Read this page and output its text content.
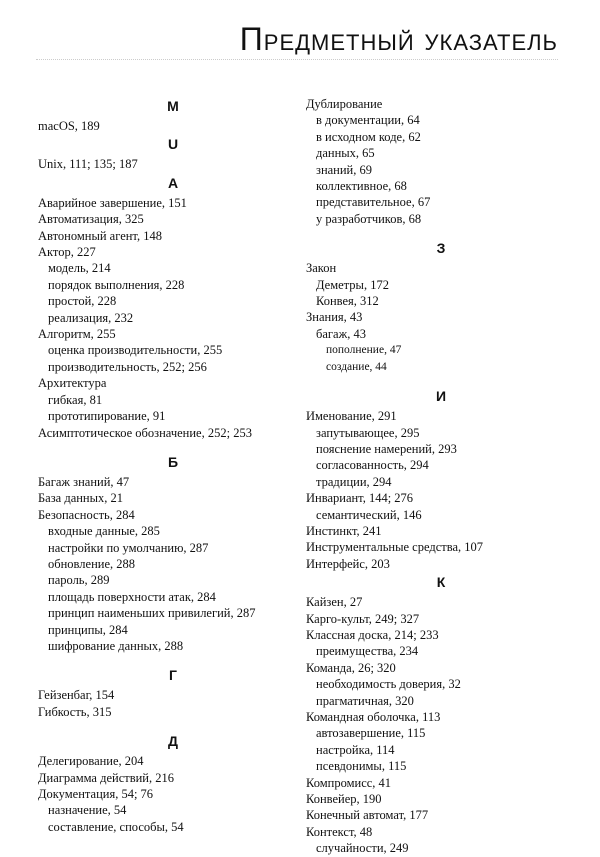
Предметный указатель
M
macOS, 189
U
Unix, 111; 135; 187
А
Аварийное завершение, 151
Автоматизация, 325
Автономный агент, 148
Актор, 227
модель, 214
порядок выполнения, 228
простой, 228
реализация, 232
Алгоритм, 255
оценка производительности, 255
производительность, 252; 256
Архитектура
гибкая, 81
прототипирование, 91
Асимптотическое обозначение, 252; 253
Б
Багаж знаний, 47
База данных, 21
Безопасность, 284
входные данные, 285
настройки по умолчанию, 287
обновление, 288
пароль, 289
площадь поверхности атак, 284
принцип наименьших привилегий, 287
принципы, 284
шифрование данных, 288
Г
Гейзенбаг, 154
Гибкость, 315
Д
Делегирование, 204
Диаграмма действий, 216
Документация, 54; 76
назначение, 54
составление, способы, 54
Дублирование
в документации, 64
в исходном коде, 62
данных, 65
знаний, 69
коллективное, 68
представительное, 67
у разработчиков, 68
З
Закон
Деметры, 172
Конвея, 312
Знания, 43
багаж, 43
пополнение, 47
создание, 44
И
Именование, 291
запутывающее, 295
пояснение намерений, 293
согласованность, 294
традиции, 294
Инвариант, 144; 276
семантический, 146
Инстинкт, 241
Инструментальные средства, 107
Интерфейс, 203
К
Кайзен, 27
Карго-культ, 249; 327
Классная доска, 214; 233
преимущества, 234
Команда, 26; 320
необходимость доверия, 32
прагматичная, 320
Командная оболочка, 113
автозавершение, 115
настройка, 114
псевдонимы, 115
Компромисс, 41
Конвейер, 190
Конечный автомат, 177
Контекст, 48
случайности, 249
